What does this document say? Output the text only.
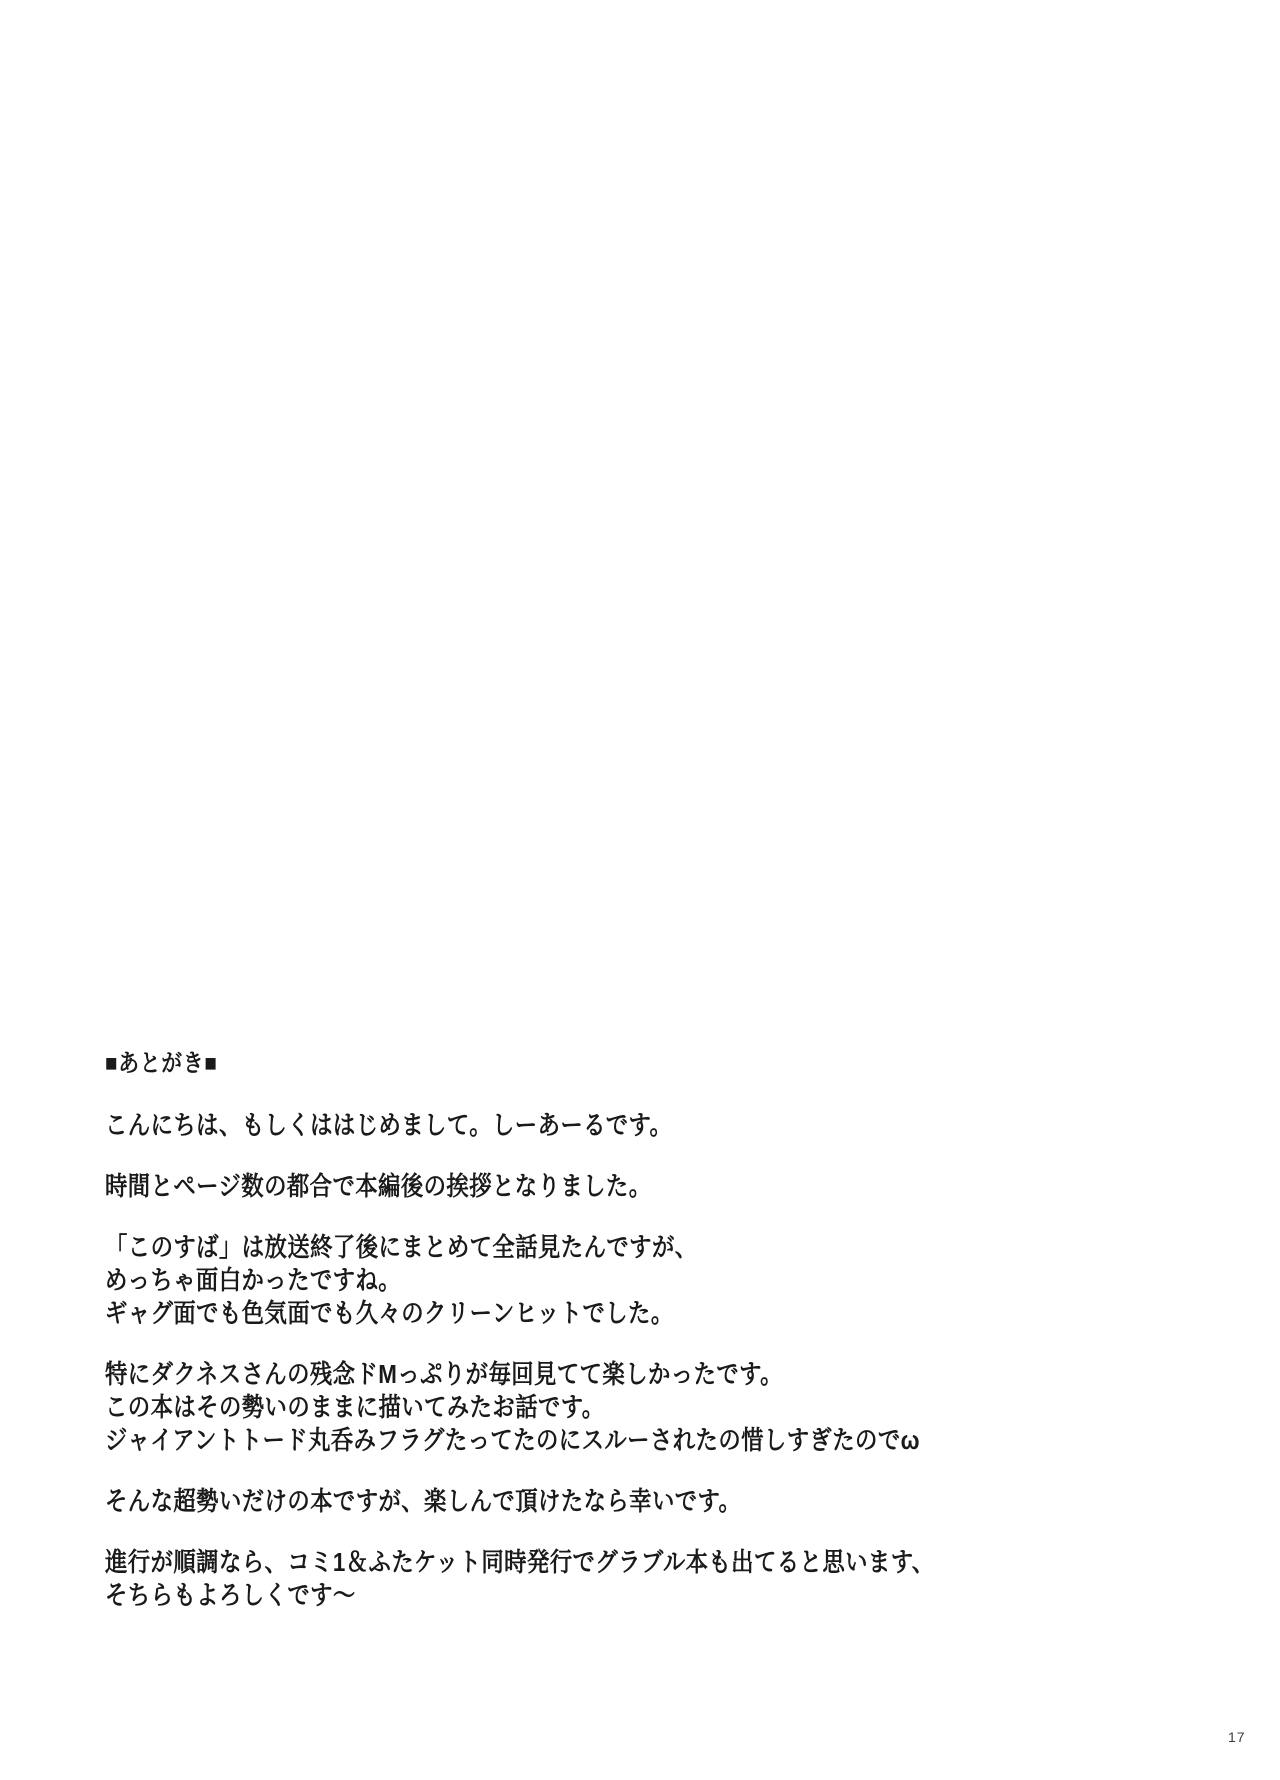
■あとがき■

こんにちは、もしくははじめまして。しーあーるです。

時間とページ数の都合で本編後の挨拶となりました。

「このすば」は放送終了後にまとめて全話見たんですが、
めっちゃ面白かったですね。
ギャグ面でも色気面でも久々のクリーンヒットでした。

特にダクネスさんの残念ドMっぷりが毎回見てて楽しかったです。
この本はその勢いのままに描いてみたお話です。
ジャイアントトード丸呑みフラグたってたのにスルーされたの惜しすぎたのでω

そんな超勢いだけの本ですが、楽しんで頂けたなら幸いです。

進行が順調なら、コミ1＆ふたケット同時発行でグラブル本も出てると思います、
そちらもよろしくです～

17
